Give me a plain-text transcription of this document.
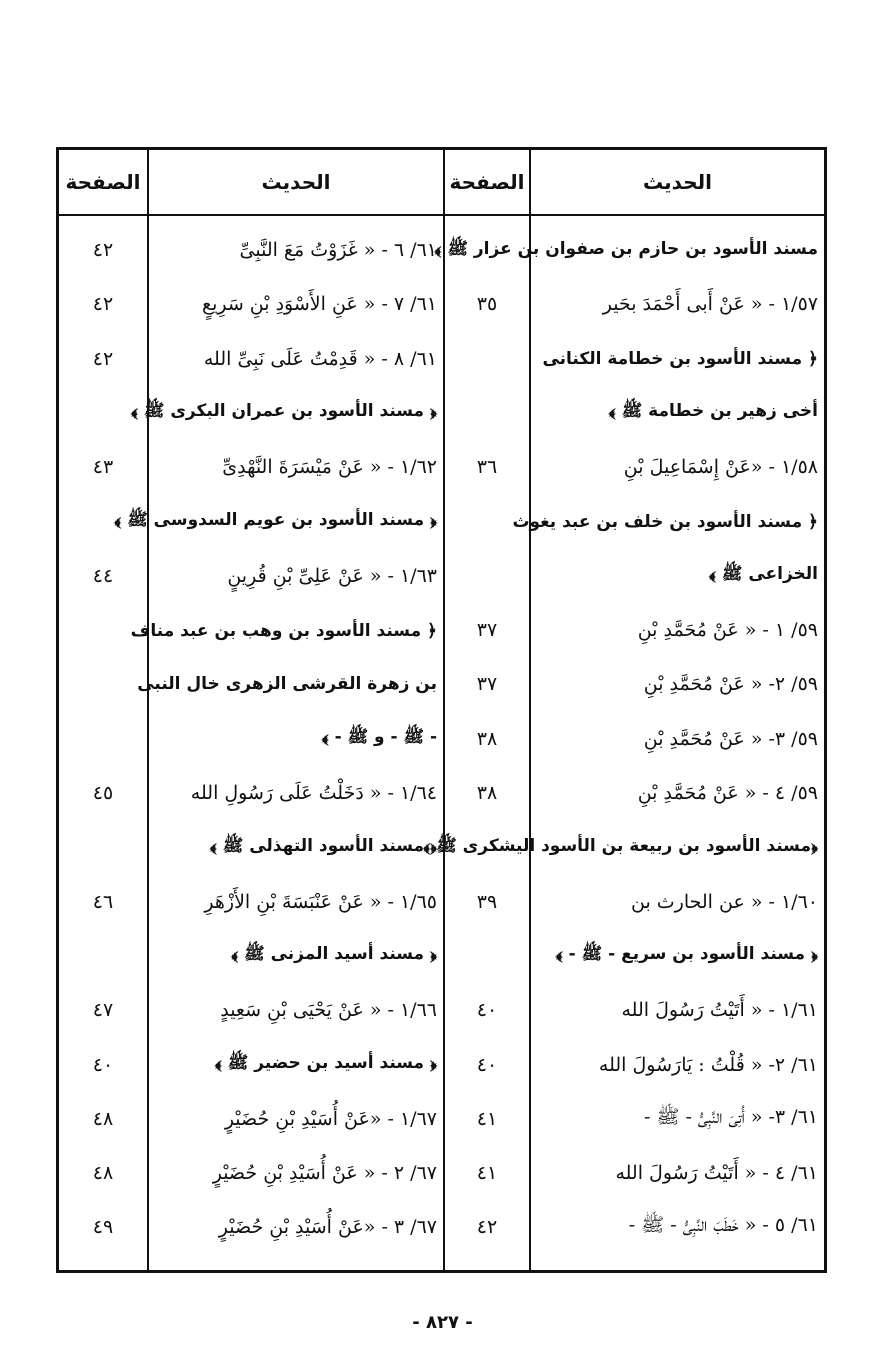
الحديث
الصفحة
الحديث
الصفحة
مسند الأسود بن حازم بن صفوان بن عزار ﷺ ﴾
١/٥٧ - « عَنْ أَبى أَحْمَدَ بحَير
٣٥
﴿ مسند الأسود بن خطامة الكنانى
أخى زهير بن خطامة ﷺ ﴾
١/٥٨ - «عَنْ إِسْمَاعِيلَ بْنِ
٣٦
﴿ مسند الأسود بن خلف بن عبد يغوث
الخزاعى ﷺ ﴾
٥٩/ ١ - « عَنْ مُحَمَّدِ بْنِ
٣٧
٥٩/ ٢- « عَنْ مُحَمَّدِ بْنِ
٣٧
٥٩/ ٣- « عَنْ مُحَمَّدِ بْنِ
٣٨
٥٩/ ٤ - « عَنْ مُحَمَّدِ بْنِ
٣٨
﴿مسند الأسود بن ربيعة بن الأسود اليشكرى ﷺ ﴾
١/٦٠ - « عن الحارث بن
٣٩
﴿ مسند الأسود بن سريع - ﷺ - ﴾
١/٦١ - « أَتَيْتُ رَسُولَ الله
٤٠
٦١/ ٢- « قُلْتُ : يَارَسُولَ الله
٤٠
٦١/ ٣- « أُتِىَ النَّبِىُّ - ﷺ -
٤١
٦١/ ٤ - « أَتَيْتُ رَسُولَ الله
٤١
٦١/ ٥ - « خَطَبَ النَّبِىُّ - ﷺ -
٤٢
٦١/ ٦ - « غَزَوْتُ مَعَ النَّبِىِّ
٤٢
٦١/ ٧ - « عَنِ الأَسْوَدِ بْنِ سَرِيعٍ
٤٢
٦١/ ٨ - « قَدِمْتُ عَلَى نَبِىِّ الله
٤٢
﴿ مسند الأسود بن عمران البكرى ﷺ ﴾
١/٦٢ - « عَنْ مَيْسَرَةَ النَّهْدِىِّ
٤٣
﴿ مسند الأسود بن عويم السدوسى ﷺ ﴾
١/٦٣ - « عَنْ عَلِىِّ بْنِ قُرِينٍ
٤٤
﴿ مسند الأسود بن وهب بن عبد مناف
بن زهرة القرشى الزهرى خال النبى
- ﷺ - و ﷺ - ﴾
١/٦٤ - « دَخَلْتُ عَلَى رَسُولِ الله
٤٥
﴿ مسند الأسود التهذلى ﷺ ﴾
١/٦٥ - « عَنْ عَنْبَسَةَ بْنِ الأَزْهَرِ
٤٦
﴿ مسند أسيد المزنى ﷺ ﴾
١/٦٦ - « عَنْ يَحْيَى بْنِ سَعِيدٍ
٤٧
﴿ مسند أسيد بن حضير ﷺ ﴾
٤٠
١/٦٧ - «عَنْ أُسَيْدِ بْنِ حُضَيْرٍ
٤٨
٦٧/ ٢ - « عَنْ أُسَيْدِ بْنِ حُضَيْرٍ
٤٨
٦٧/ ٣ - «عَنْ أُسَيْدِ بْنِ حُضَيْرٍ
٤٩
- ٨٢٧ -
